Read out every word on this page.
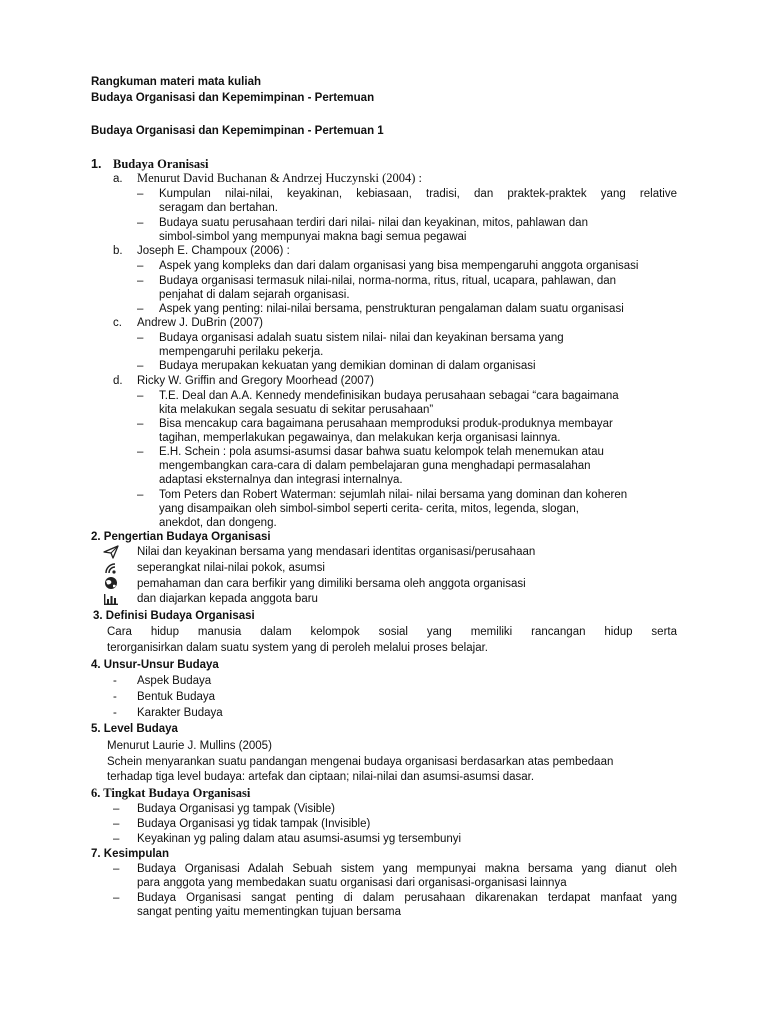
Rangkuman materi mata kuliah
Budaya Organisasi dan Kepemimpinan - Pertemuan
Budaya Organisasi dan Kepemimpinan - Pertemuan 1
1. Budaya Oranisasi
a. Menurut David Buchanan & Andrzej Huczynski (2004) :
– Kumpulan nilai-nilai, keyakinan, kebiasaan, tradisi, dan praktek-praktek yang relative
seragam dan bertahan.
– Budaya suatu perusahaan terdiri dari nilai- nilai dan keyakinan, mitos, pahlawan dan
simbol-simbol yang mempunyai makna bagi semua pegawai
b. Joseph E. Champoux (2006) :
– Aspek yang kompleks dan dari dalam organisasi yang bisa mempengaruhi anggota organisasi
– Budaya organisasi termasuk nilai-nilai, norma-norma, ritus, ritual, ucapara, pahlawan, dan
penjahat di dalam sejarah organisasi.
– Aspek yang penting: nilai-nilai bersama, penstrukturan pengalaman dalam suatu organisasi
c. Andrew J. DuBrin (2007)
– Budaya organisasi adalah suatu sistem nilai- nilai dan keyakinan bersama yang
mempengaruhi perilaku pekerja.
– Budaya merupakan kekuatan yang demikian dominan di dalam organisasi
d. Ricky W. Griffin and Gregory Moorhead (2007)
– T.E. Deal dan A.A. Kennedy mendefinisikan budaya perusahaan sebagai “cara bagaimana
kita melakukan segala sesuatu di sekitar perusahaan”
– Bisa mencakup cara bagaimana perusahaan memproduksi produk-produknya membayar
tagihan, memperlakukan pegawainya, dan melakukan kerja organisasi lainnya.
– E.H. Schein : pola asumsi-asumsi dasar bahwa suatu kelompok telah menemukan atau
mengembangkan cara-cara di dalam pembelajaran guna menghadapi permasalahan
adaptasi eksternalnya dan integrasi internalnya.
– Tom Peters dan Robert Waterman: sejumlah nilai- nilai bersama yang dominan dan koheren
yang disampaikan oleh simbol-simbol seperti cerita- cerita, mitos, legenda, slogan,
anekdot, dan dongeng.
2. Pengertian Budaya Organisasi
Nilai dan keyakinan bersama yang mendasari identitas organisasi/perusahaan
seperangkat nilai-nilai pokok, asumsi
pemahaman dan cara berfikir yang dimiliki bersama oleh anggota organisasi
dan diajarkan kepada anggota baru
3. Definisi Budaya Organisasi
Cara hidup manusia dalam kelompok sosial yang memiliki rancangan hidup serta
terorganisirkan dalam suatu system yang di peroleh melalui proses belajar.
4. Unsur-Unsur Budaya
- Aspek Budaya
- Bentuk Budaya
- Karakter Budaya
5. Level Budaya
Menurut Laurie J. Mullins (2005)
Schein menyarankan suatu pandangan mengenai budaya organisasi berdasarkan atas pembedaan
terhadap tiga level budaya: artefak dan ciptaan; nilai-nilai dan asumsi-asumsi dasar.
6. Tingkat Budaya Organisasi
– Budaya Organisasi yg tampak (Visible)
– Budaya Organisasi yg tidak tampak (Invisible)
– Keyakinan yg paling dalam atau asumsi-asumsi yg tersembunyi
7. Kesimpulan
– Budaya Organisasi Adalah Sebuah sistem yang mempunyai makna bersama yang dianut oleh
para anggota yang membedakan suatu organisasi dari organisasi-organisasi lainnya
– Budaya Organisasi sangat penting di dalam perusahaan dikarenakan terdapat manfaat yang
sangat penting yaitu mementingkan tujuan bersama
